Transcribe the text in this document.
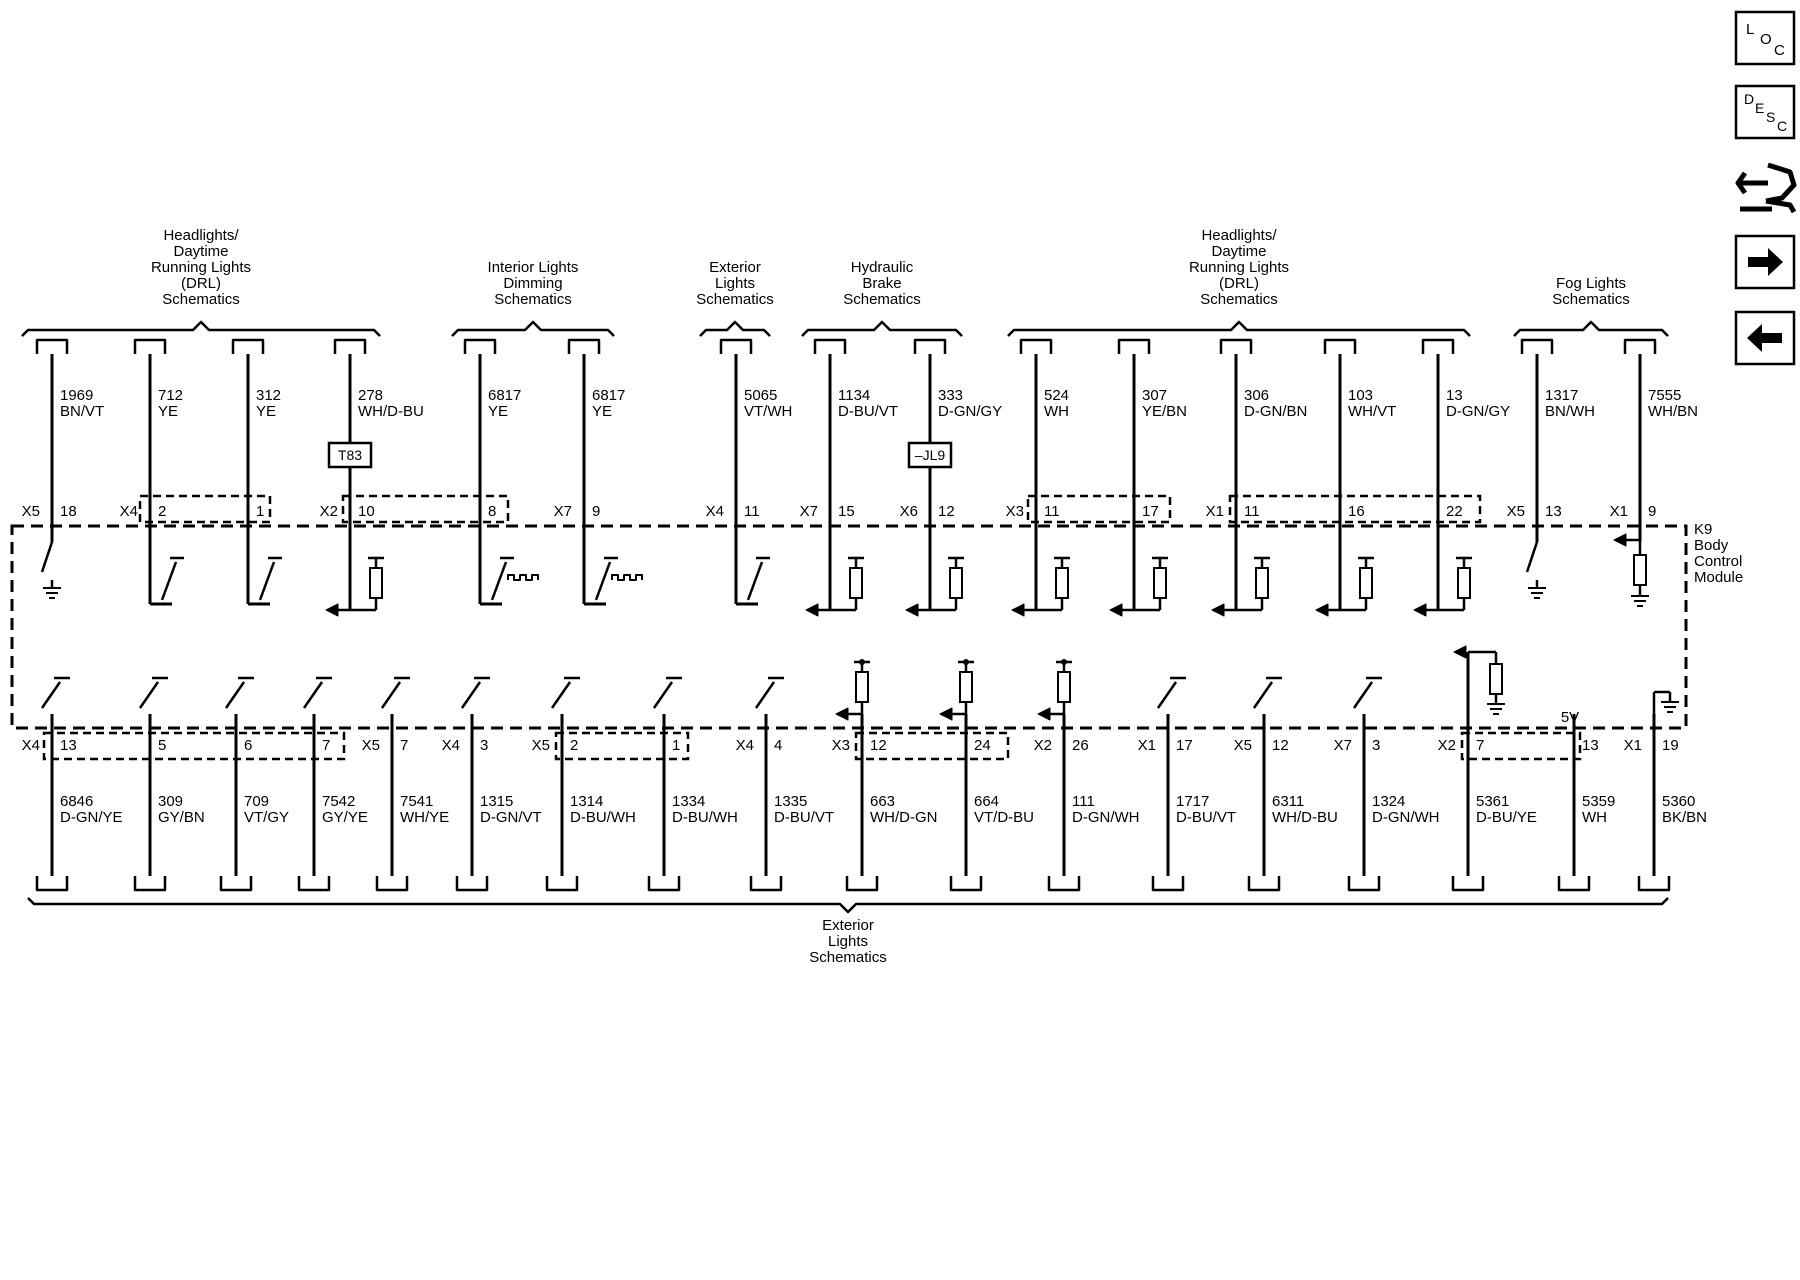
L
O
C
D
E
S
C
K9
Body
Control
Module
1969
BN/VT
18
X5
712
YE
2
X4
312
YE
1
278
WH/D-BU
T83
10
X2
6817
YE
8
6817
YE
9
X7
5065
VT/WH
11
X4
1134
D-BU/VT
15
X7
333
D-GN/GY
–JL9
12
X6
524
WH
11
X3
307
YE/BN
17
306
D-GN/BN
11
X1
103
WH/VT
16
13
D-GN/GY
22
1317
BN/WH
13
X5
7555
WH/BN
9
X1
6846
D-GN/YE
13
X4
309
GY/BN
5
709
VT/GY
6
7542
GY/YE
7
7541
WH/YE
7
X5
1315
D-GN/VT
3
X4
1314
D-BU/WH
2
X5
1334
D-BU/WH
1
1335
D-BU/VT
4
X4
663
WH/D-GN
12
X3
664
VT/D-BU
24
111
D-GN/WH
26
X2
1717
D-BU/VT
17
X1
6311
WH/D-BU
12
X5
1324
D-GN/WH
3
X7
5361
D-BU/YE
7
X2
5359
WH
13
5V
5360
BK/BN
19
X1
Headlights/
Daytime
Running Lights
(DRL)
Schematics
Interior Lights
Dimming
Schematics
Exterior
Lights
Schematics
Hydraulic
Brake
Schematics
Headlights/
Daytime
Running Lights
(DRL)
Schematics
Fog Lights
Schematics
Exterior
Lights
Schematics
